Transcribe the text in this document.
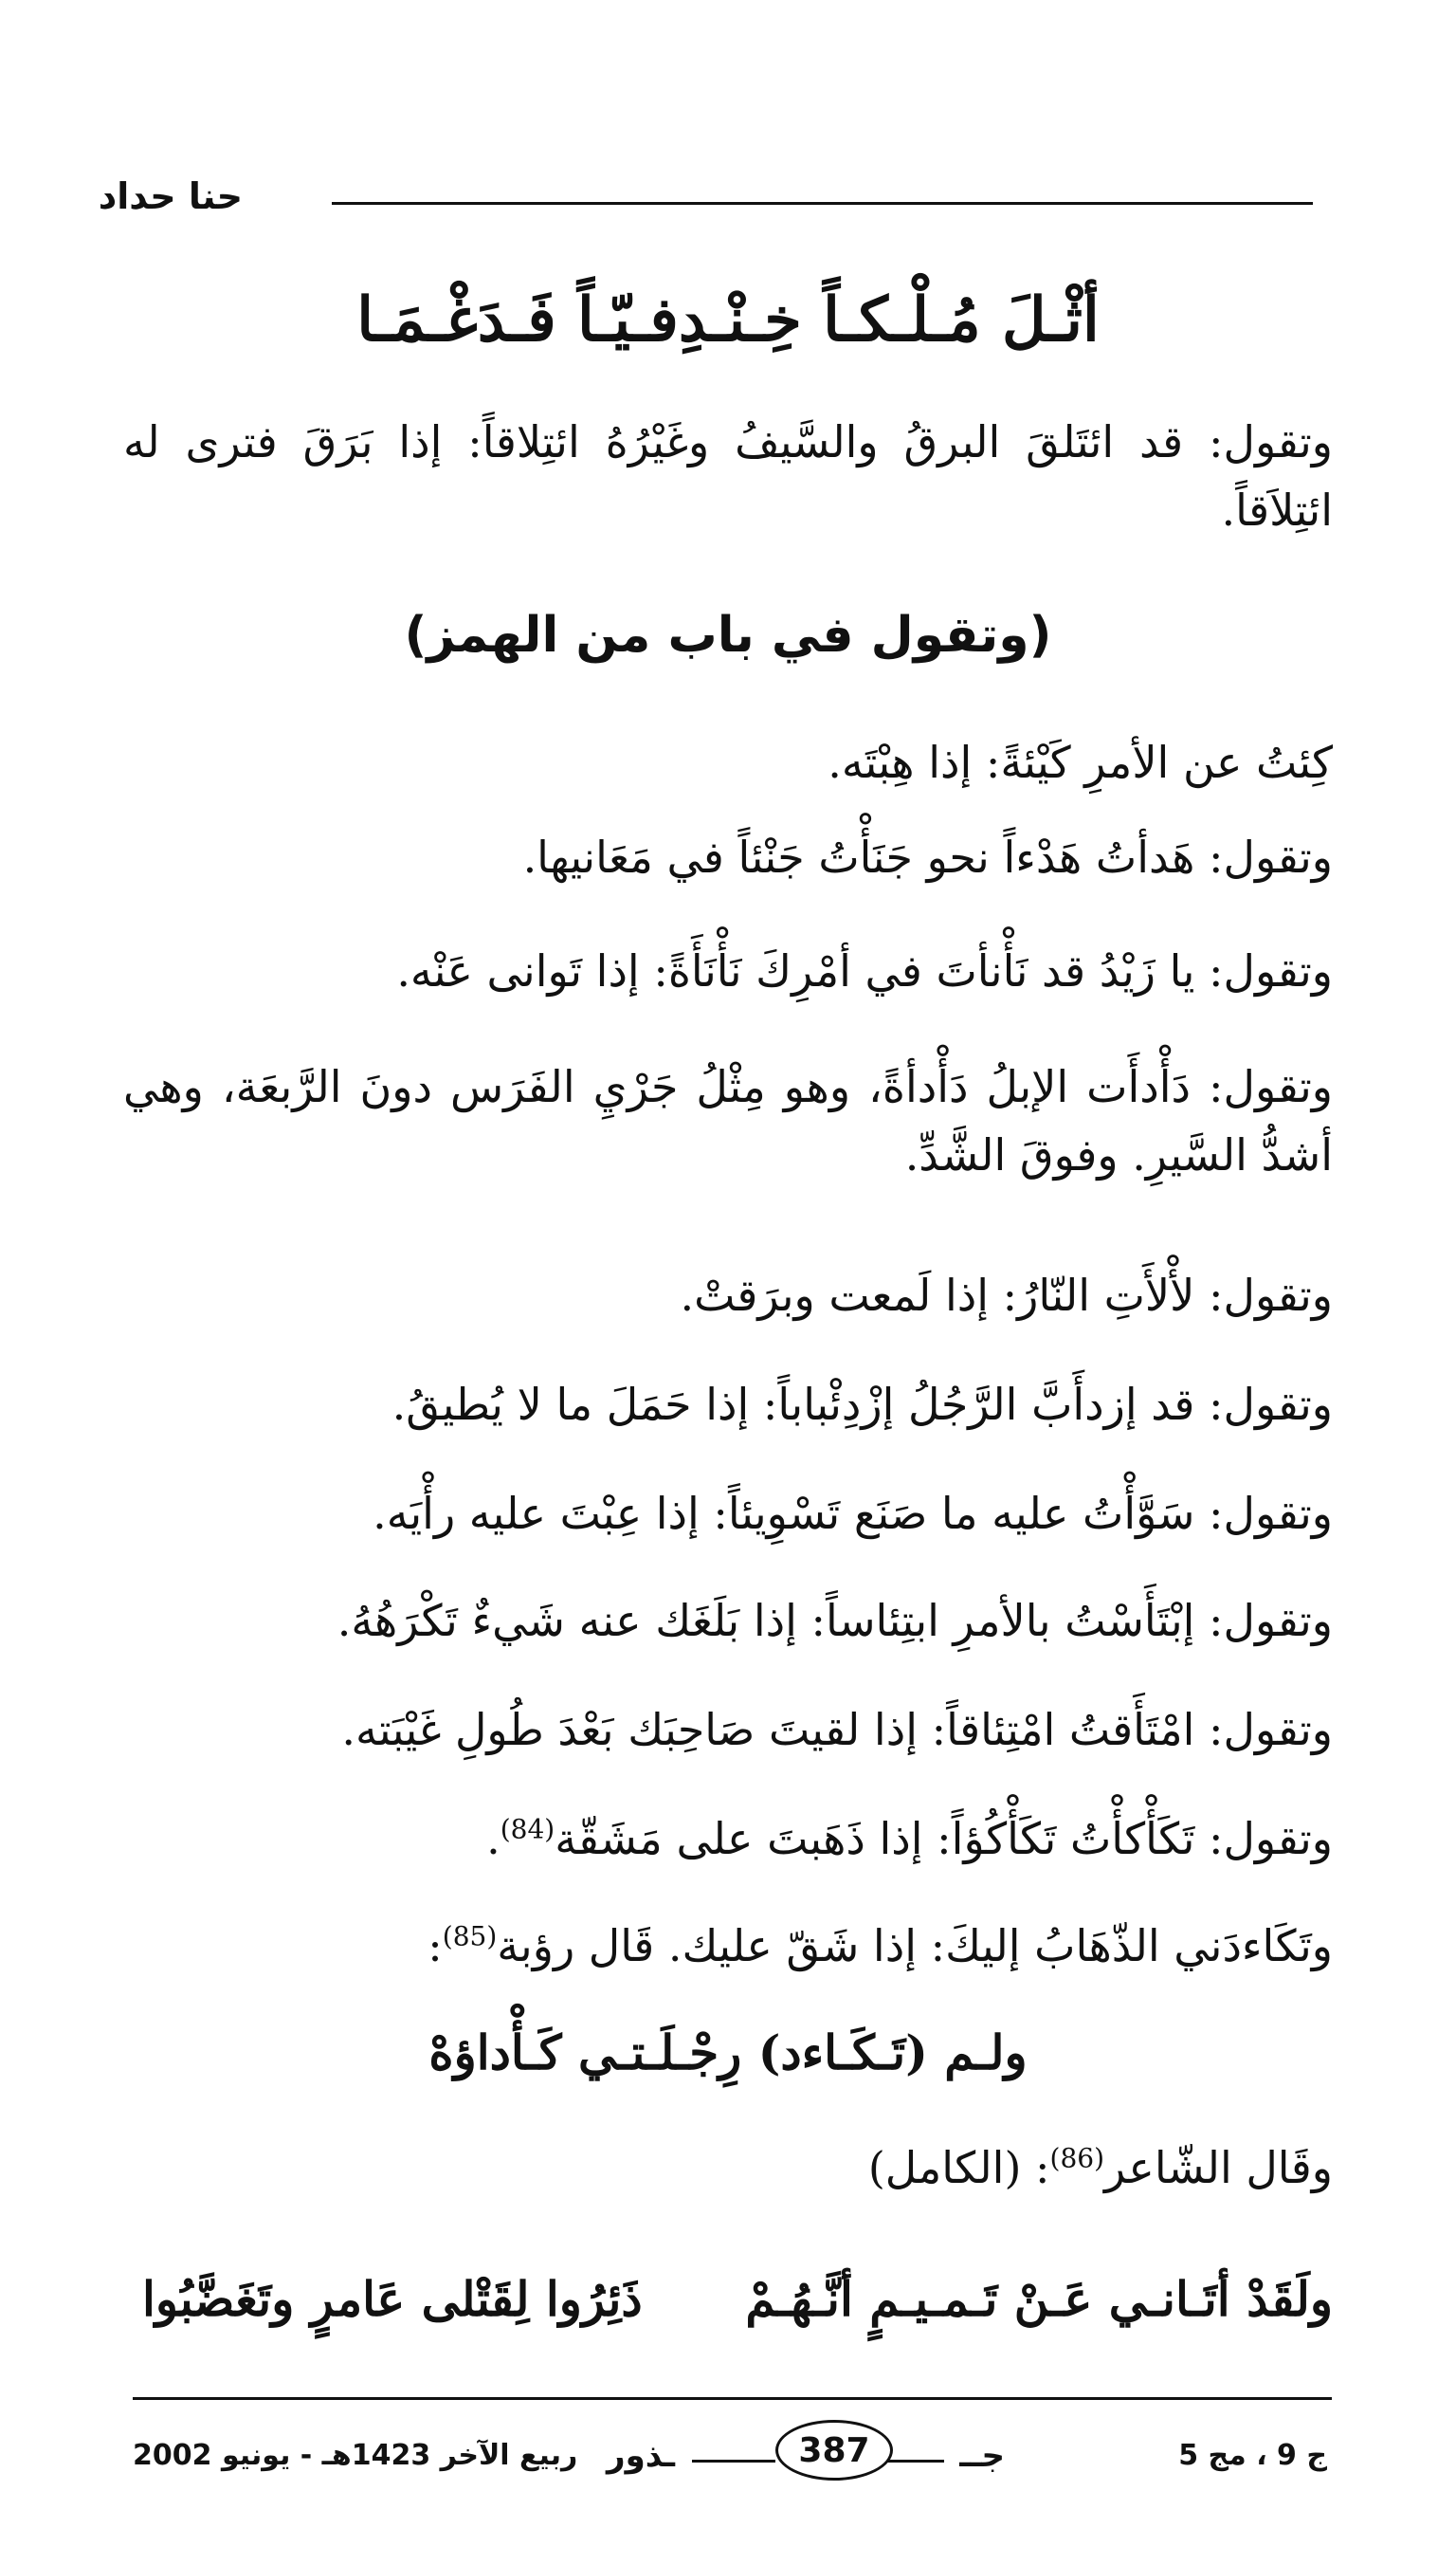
حنا حداد
أثْـلَ مُـلْـكـاً خِـنْـدِفـيّـاً فَـدَغْـمَـا
وتقول: قد ائتَلقَ البرقُ والسَّيفُ وغَيْرُهُ ائتِلاقاً: إذا بَرَقَ فترى له ائتِلاَقاً.
(وتقول في باب من الهمز)
كِئتُ عن الأمرِ كَيْئةً: إذا هِبْتَه.
وتقول: هَدأتُ هَدْءاً نحو جَنَأْتُ جَنْئاً في مَعَانيها.
وتقول: يا زَيْدُ قد نَأْنأتَ في أمْرِكَ نَأْنَأَةً: إذا تَوانى عَنْه.
وتقول: دَأْدأَت الإبلُ دَأْدأةً، وهو مِثْلُ جَرْيِ الفَرَس دونَ الرَّبعَة، وهي أشدُّ السَّيرِ. وفوقَ الشَّدِّ.
وتقول: لأْلأَتِ النّارُ: إذا لَمعت وبرَقتْ.
وتقول: قد إزدأَبَّ الرَّجُلُ إزْدِئْباباً: إذا حَمَلَ ما لا يُطيقُ.
وتقول: سَوَّأْتُ عليه ما صَنَع تَسْوِيئاً: إذا عِبْتَ عليه رأْيَه.
وتقول: إبْتَأَسْتُ بالأمرِ ابتِئاساً: إذا بَلَغَك عنه شَيءٌ تَكْرَهُهُ.
وتقول: امْتَأَقتُ امْتِئاقاً: إذا لقيتَ صَاحِبَك بَعْدَ طُولِ غَيْبَته.
وتقول: تَكَأْكأْتُ تَكَأْكُؤاً: إذا ذَهَبتَ على مَشَقّة$^{(84)}$.
وتَكَاءدَني الذّهَابُ إليكَ: إذا شَقّ عليك. قَال رؤبة$^{(85)}$:
ولـم (تَـكَـاءد) رِجْـلَـتـي كَـأْداؤهْ
وقَال الشّاعر$^{(86)}$: (الكامل)
ولَقَدْ أتَـانـي عَـنْ تَـمـيـمٍ أنَّـهُـمْ
ذَئِرُوا لِقَتْلى عَامرٍ وتَغَضَّبُوا
ربيع الآخر 1423هـ - يونيو 2002	ج 9 ، مج 5
ـذور	387	جــ
